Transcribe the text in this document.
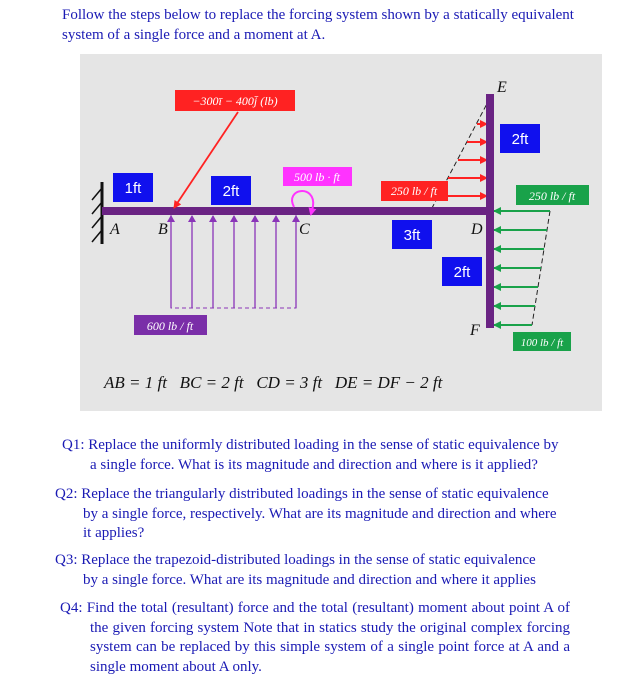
Follow the steps below to replace the forcing system shown by a statically equivalent system of a single force and a moment at A.
−300ī − 400j̄ (lb)
500 lb · ft
250 lb / ft	250 lb / ft
600 lb / ft
100 lb / ft
1ft	2ft
3ft
2ft
2ft
A B	C	D
E
F
AB = 1 ft   BC = 2 ft   CD = 3 ft   DE = DF − 2 ft
Q1: Replace the uniformly distributed loading in the sense of static equivalence by
a single force. What is its magnitude and direction and where is it applied?
Q2: Replace the triangularly distributed loadings in the sense of static equivalence
by a single force, respectively. What are its magnitude and direction and where it applies?
Q3: Replace the trapezoid-distributed loadings in the sense of static equivalence
by a single force. What are its magnitude and direction and where it applies
Q4: Find the total (resultant) force and the total (resultant) moment about point A of the given forcing system Note that in statics study the original complex forcing system can be replaced by this simple system of a single point force at A and a single moment about A only.
